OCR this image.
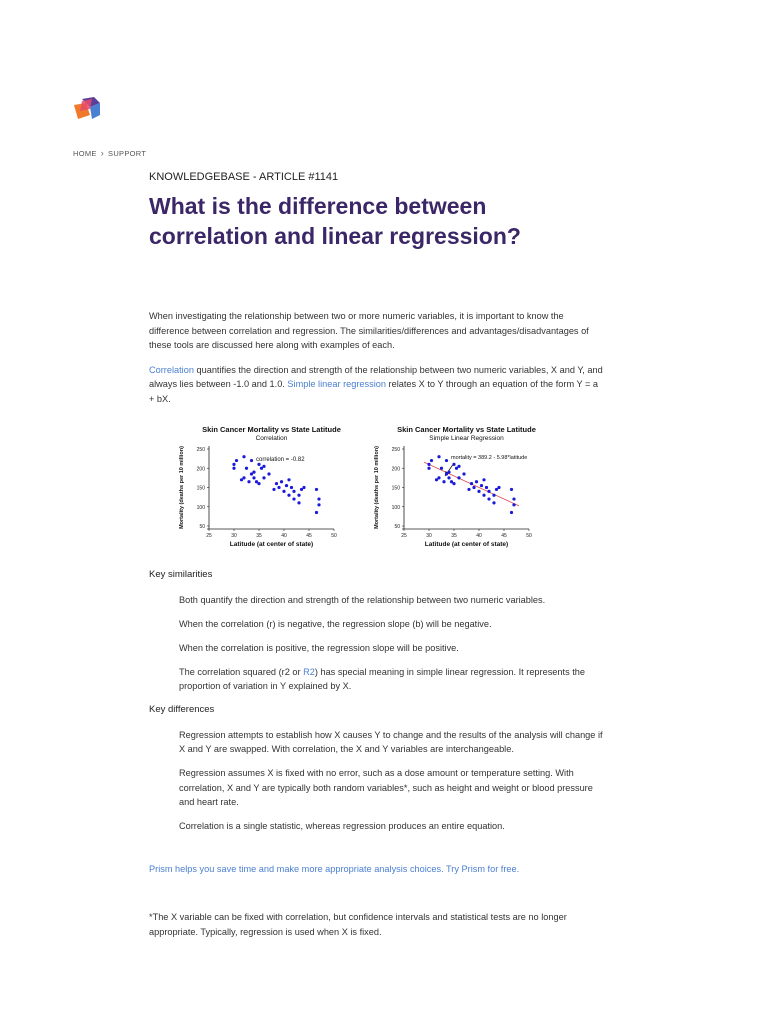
HOME › SUPPORT
KNOWLEDGEBASE - ARTICLE #1141
What is the difference between correlation and linear regression?

When investigating the relationship between two or more numeric variables, it is important to know the difference between correlation and regression. The similarities/differences and advantages/disadvantages of these tools are discussed here along with examples of each.

Correlation quantifies the direction and strength of the relationship between two numeric variables, X and Y, and always lies between -1.0 and 1.0. Simple linear regression relates X to Y through an equation of the form Y = a + bX.

Skin Cancer Mortality vs State Latitude
Correlation
50
100
150
200
250
25	30	35	40	45	50
Latitude (at center of state)
Mortality (deaths per 10 million)	correlation = -0.82
Skin Cancer Mortality vs State Latitude
Simple Linear Regression
50
100
150
200
250
25	30	35	40	45	50
Latitude (at center of state)
Mortality (deaths per 10 million)	mortality = 389.2 - 5.98*latitude

Key similarities

Both quantify the direction and strength of the relationship between two numeric variables.

When the correlation (r) is negative, the regression slope (b) will be negative.

When the correlation is positive, the regression slope will be positive.

The correlation squared (r2 or R2) has special meaning in simple linear regression. It represents the proportion of variation in Y explained by X.

Key differences

Regression attempts to establish how X causes Y to change and the results of the analysis will change if X and Y are swapped. With correlation, the X and Y variables are interchangeable.

Regression assumes X is fixed with no error, such as a dose amount or temperature setting. With correlation, X and Y are typically both random variables*, such as height and weight or blood pressure and heart rate.

Correlation is a single statistic, whereas regression produces an entire equation.

Prism helps you save time and make more appropriate analysis choices. Try Prism for free.

*The X variable can be fixed with correlation, but confidence intervals and statistical tests are no longer appropriate. Typically, regression is used when X is fixed.
